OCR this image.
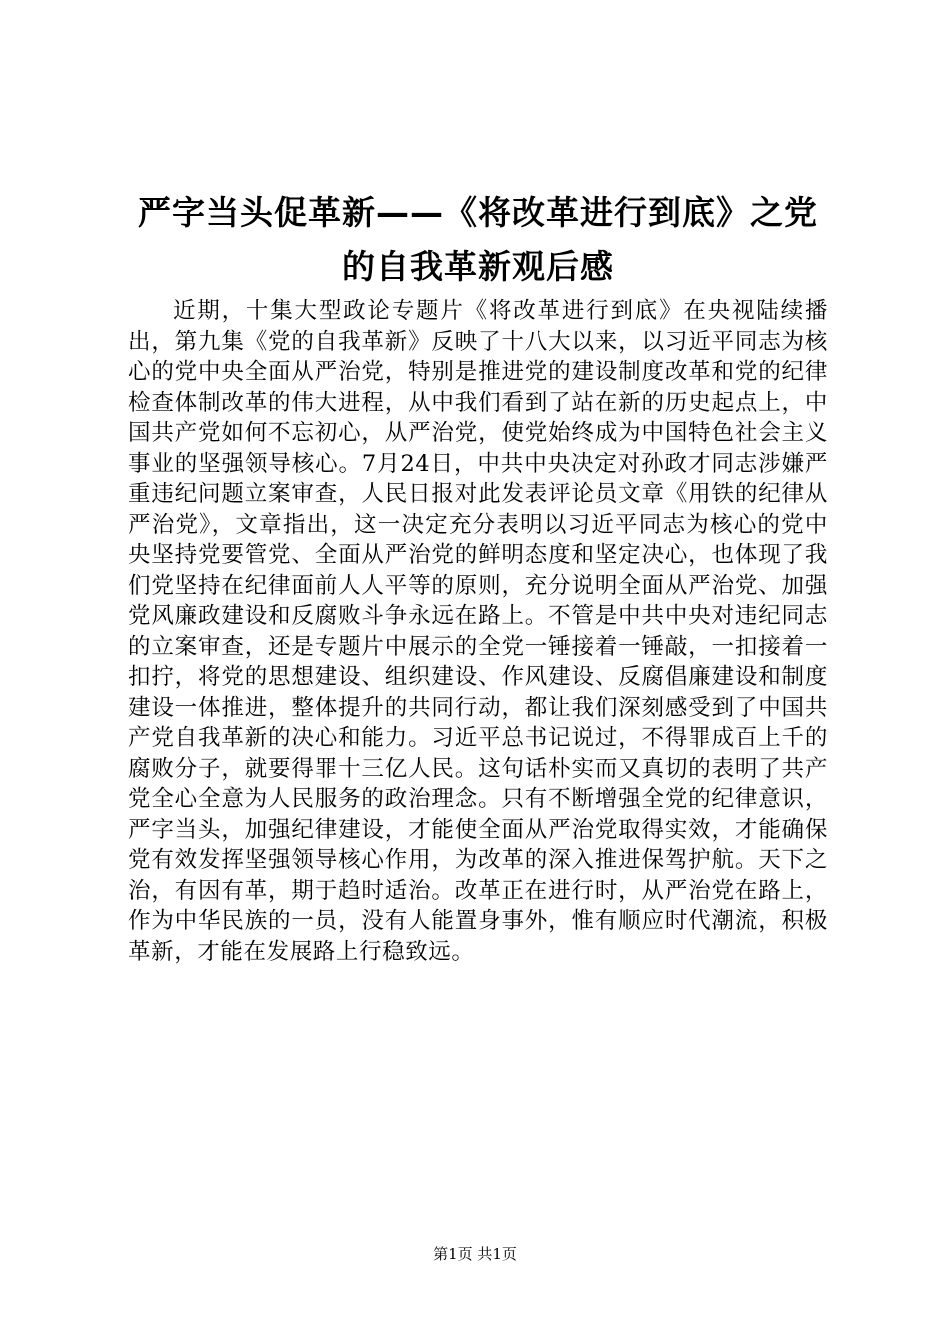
严字当头促革新——《将改革进行到底》之党
的自我革新观后感

近期，十集大型政论专题片《将改革进行到底》在央视陆续播出，第九集《党的自我革新》反映了十八大以来，以习近平同志为核心的党中央全面从严治党，特别是推进党的建设制度改革和党的纪律检查体制改革的伟大进程，从中我们看到了站在新的历史起点上，中国共产党如何不忘初心，从严治党，使党始终成为中国特色社会主义事业的坚强领导核心。7月24日，中共中央决定对孙政才同志涉嫌严重违纪问题立案审查，人民日报对此发表评论员文章《用铁的纪律从严治党》，文章指出，这一决定充分表明以习近平同志为核心的党中央坚持党要管党、全面从严治党的鲜明态度和坚定决心，也体现了我们党坚持在纪律面前人人平等的原则，充分说明全面从严治党、加强党风廉政建设和反腐败斗争永远在路上。不管是中共中央对违纪同志的立案审查，还是专题片中展示的全党一锤接着一锤敲，一扣接着一扣拧，将党的思想建设、组织建设、作风建设、反腐倡廉建设和制度建设一体推进，整体提升的共同行动，都让我们深刻感受到了中国共产党自我革新的决心和能力。习近平总书记说过，不得罪成百上千的腐败分子，就要得罪十三亿人民。这句话朴实而又真切的表明了共产党全心全意为人民服务的政治理念。只有不断增强全党的纪律意识，严字当头，加强纪律建设，才能使全面从严治党取得实效，才能确保党有效发挥坚强领导核心作用，为改革的深入推进保驾护航。天下之治，有因有革，期于趋时适治。改革正在进行时，从严治党在路上，作为中华民族的一员，没有人能置身事外，惟有顺应时代潮流，积极革新，才能在发展路上行稳致远。

第1页 共1页
